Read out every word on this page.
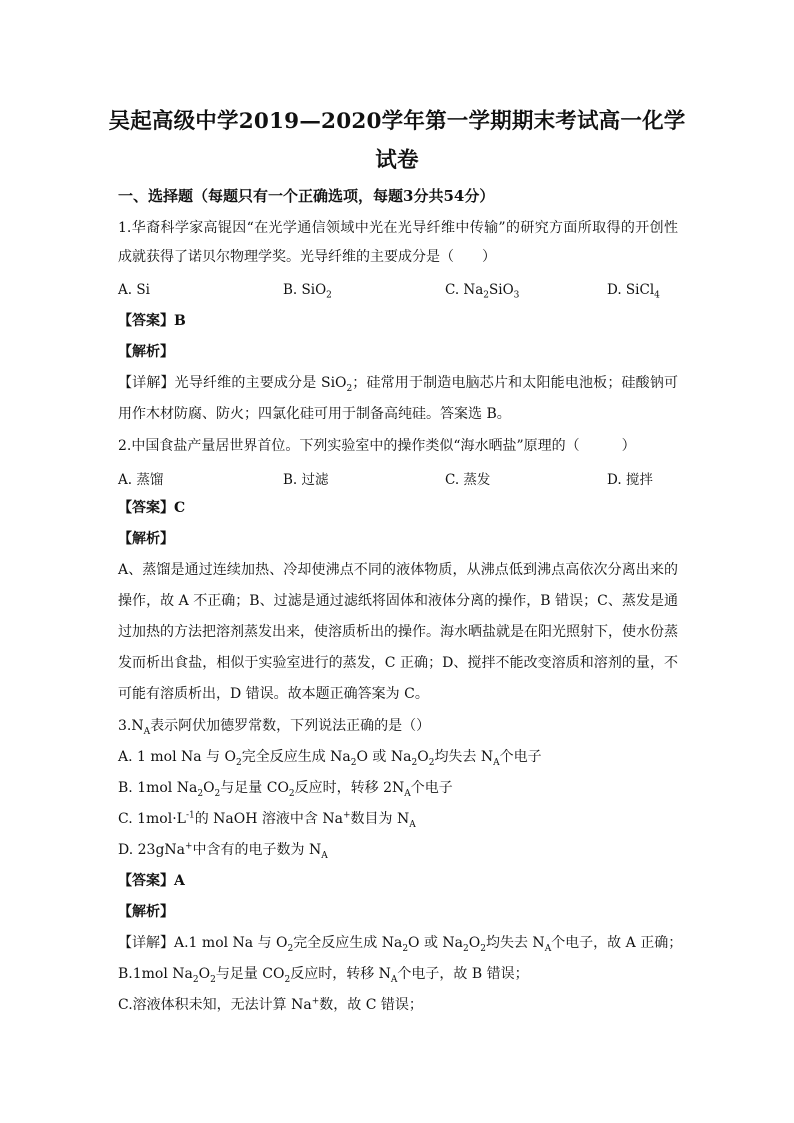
吴起高级中学2019—2020学年第一学期期末考试高一化学
试卷
一、选择题（每题只有一个正确选项，每题3分共54分）
1.华裔科学家高锟因“在光学通信领域中光在光导纤维中传输”的研究方面所取得的开创性
成就获得了诺贝尔物理学奖。光导纤维的主要成分是（　　）
A. Si	B. SiO$_2$	C. $Na_2SiO_3$	D. SiCl$_4$
【答案】B
【解析】
【详解】光导纤维的主要成分是 SiO$_2$；硅常用于制造电脑芯片和太阳能电池板；硅酸钠可
用作木材防腐、防火；四氯化硅可用于制备高纯硅。答案选 B。
2.中国食盐产量居世界首位。下列实验室中的操作类似“海水晒盐”原理的（　　　）
A. 蒸馏	B. 过滤	C. 蒸发	D. 搅拌
【答案】C
【解析】
A、蒸馏是通过连续加热、冷却使沸点不同的液体物质，从沸点低到沸点高依次分离出来的
操作，故 A 不正确；B、过滤是通过滤纸将固体和液体分离的操作，B 错误；C、蒸发是通
过加热的方法把溶剂蒸发出来，使溶质析出的操作。海水晒盐就是在阳光照射下，使水份蒸
发而析出食盐，相似于实验室进行的蒸发，C 正确；D、搅拌不能改变溶质和溶剂的量，不
可能有溶质析出，D 错误。故本题正确答案为 C。
$3.N_A$表示阿伏加德罗常数，下列说法正确的是（）
A. 1 mol Na 与 $O_2$完全反应生成 $Na_2O$ 或 $Na_2O_2$均失去 $N_A$个电子
B. 1mol $Na_2O_2$与足量 $CO_2$反应时，转移 $2N_A$个电子
C. $1mol\cdot L^{-1}$的 NaOH 溶液中含 Na+数目为 $N_A$
D. 23gNa+中含有的电子数为 $N_A$
【答案】A
【解析】
【详解】A.1 mol Na 与 $O_2$完全反应生成 $Na_2O$ 或 $Na_2O_2$均失去 $N_A$个电子，故 A 正确；
B.1mol $Na_2O_2$与足量 $CO_2$反应时，转移 $N_A$个电子，故 B 错误；
C.溶液体积未知，无法计算 Na+数，故 C 错误；
